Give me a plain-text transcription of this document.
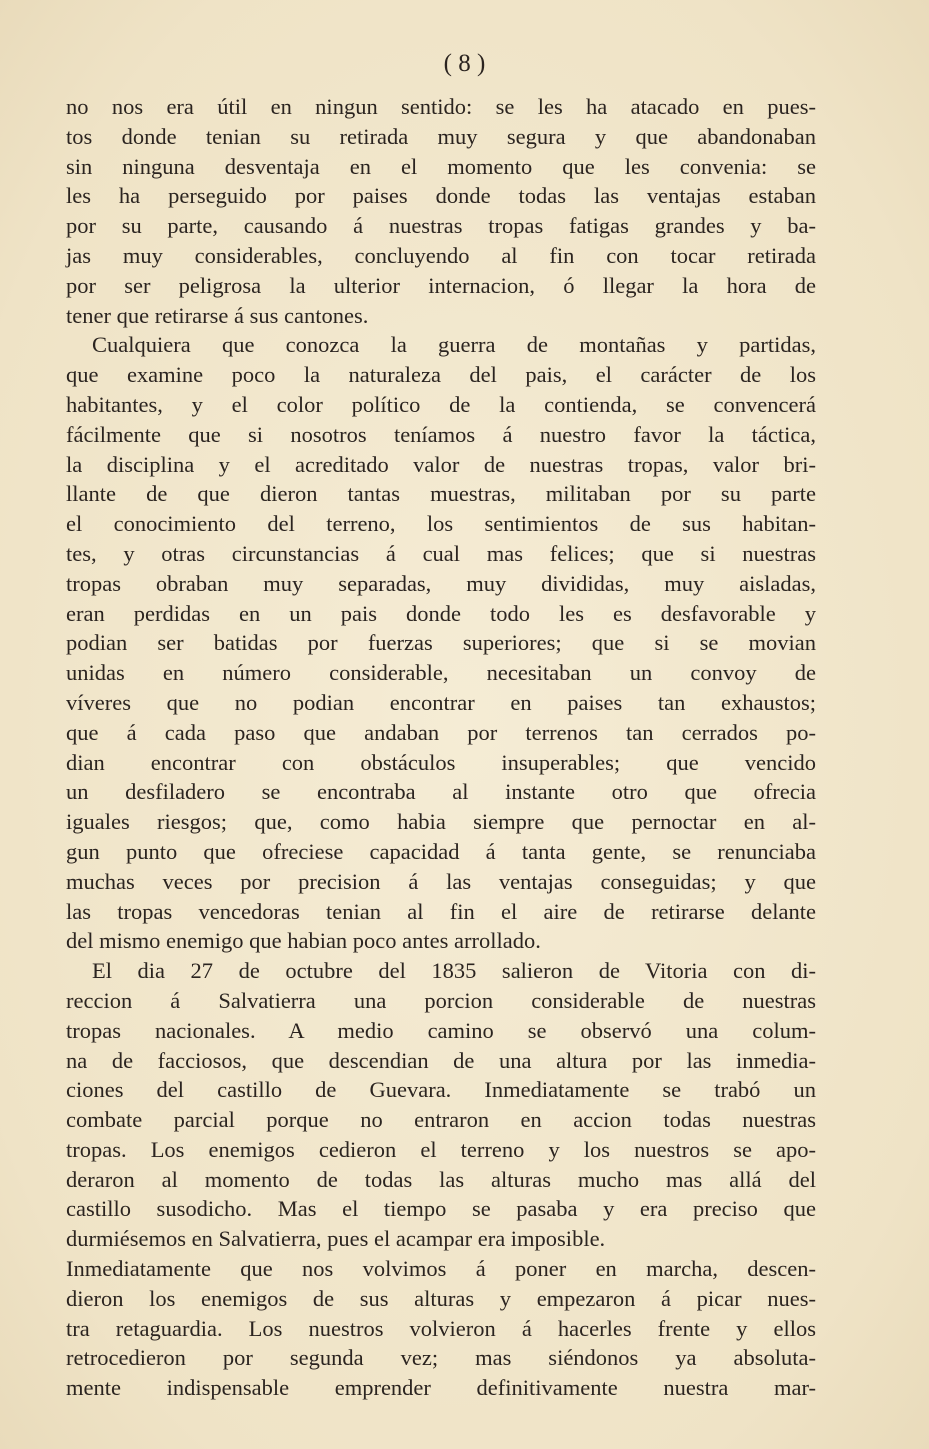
( 8 )
no nos era útil en ningun sentido: se les ha atacado en pues-
tos donde tenian su retirada muy segura y que abandonaban
sin ninguna desventaja en el momento que les convenia: se
les ha perseguido por paises donde todas las ventajas estaban
por su parte, causando á nuestras tropas fatigas grandes y ba-
jas muy considerables, concluyendo al fin con tocar retirada
por ser peligrosa la ulterior internacion, ó llegar la hora de
tener que retirarse á sus cantones.
Cualquiera que conozca la guerra de montañas y partidas,
que examine poco la naturaleza del pais, el carácter de los
habitantes, y el color político de la contienda, se convencerá
fácilmente que si nosotros teníamos á nuestro favor la táctica,
la disciplina y el acreditado valor de nuestras tropas, valor bri-
llante de que dieron tantas muestras, militaban por su parte
el conocimiento del terreno, los sentimientos de sus habitan-
tes, y otras circunstancias á cual mas felices; que si nuestras
tropas obraban muy separadas, muy divididas, muy aisladas,
eran perdidas en un pais donde todo les es desfavorable y
podian ser batidas por fuerzas superiores; que si se movian
unidas en número considerable, necesitaban un convoy de
víveres que no podian encontrar en paises tan exhaustos;
que á cada paso que andaban por terrenos tan cerrados po-
dian encontrar con obstáculos insuperables; que vencido
un desfiladero se encontraba al instante otro que ofrecia
iguales riesgos; que, como habia siempre que pernoctar en al-
gun punto que ofreciese capacidad á tanta gente, se renunciaba
muchas veces por precision á las ventajas conseguidas; y que
las tropas vencedoras tenian al fin el aire de retirarse delante
del mismo enemigo que habian poco antes arrollado.
El dia 27 de octubre del 1835 salieron de Vitoria con di-
reccion á Salvatierra una porcion considerable de nuestras
tropas nacionales. A medio camino se observó una colum-
na de facciosos, que descendian de una altura por las inmedia-
ciones del castillo de Guevara. Inmediatamente se trabó un
combate parcial porque no entraron en accion todas nuestras
tropas. Los enemigos cedieron el terreno y los nuestros se apo-
deraron al momento de todas las alturas mucho mas allá del
castillo susodicho. Mas el tiempo se pasaba y era preciso que
durmiésemos en Salvatierra, pues el acampar era imposible.
Inmediatamente que nos volvimos á poner en marcha, descen-
dieron los enemigos de sus alturas y empezaron á picar nues-
tra retaguardia. Los nuestros volvieron á hacerles frente y ellos
retrocedieron por segunda vez; mas siéndonos ya absoluta-
mente indispensable emprender definitivamente nuestra mar-
